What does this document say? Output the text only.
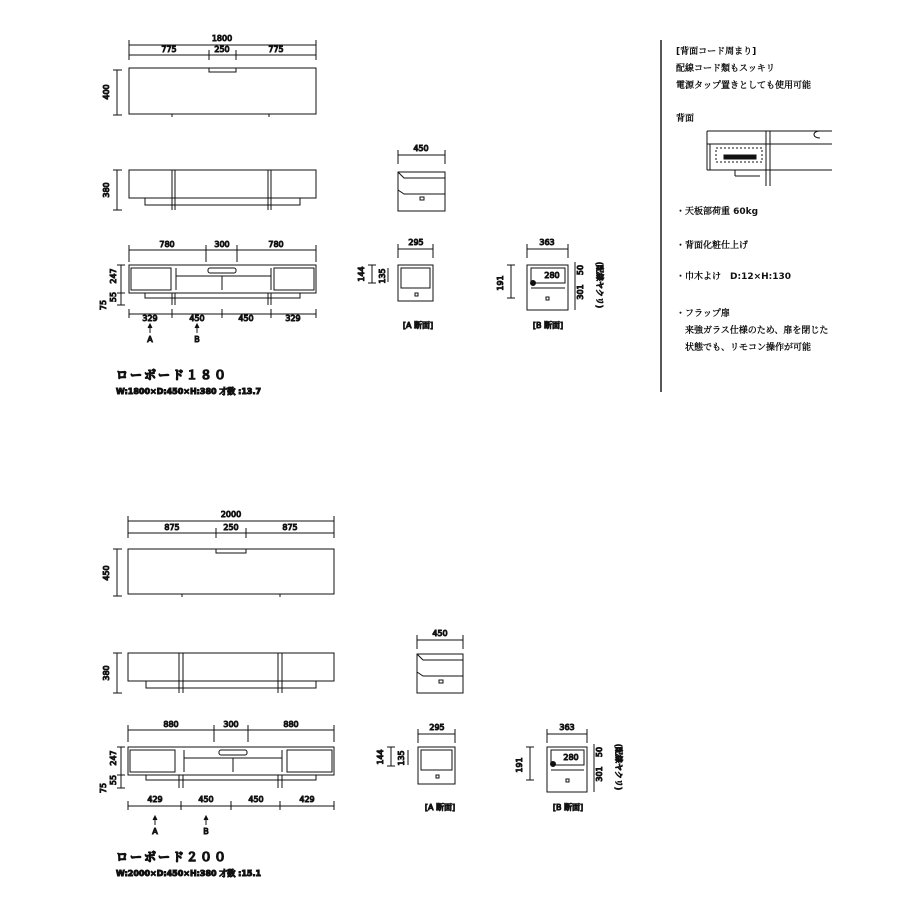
1800
775	250	775
400
380
450
780	300	780
247
75
55
329	450	450	329
A	B
295
144 135
[A 断面]
363
191	280
50
301 (配線ヤクリ)
[B 断面]
ローボード１８０
W:1800×D:450×H:380 才数 :13.7
2000
875	250	875
450
380
450
880	300	880
247
75
55
429	450	450	429
A	B
295
144 135
[A 断面]
363
191	280
50
301 (配線ヤクリ)
[B 断面]
ローボード２００
W:2000×D:450×H:380 才数 :15.1
[背面コード周まり]
配線コード類もスッキリ
電源タップ置きとしても使用可能
背面
・天板部荷重 60kg
・背面化粧仕上げ
・巾木よけ　D:12×H:130
・フラップ扉
　来強ガラス仕様のため、扉を閉じた
　状態でも、リモコン操作が可能
